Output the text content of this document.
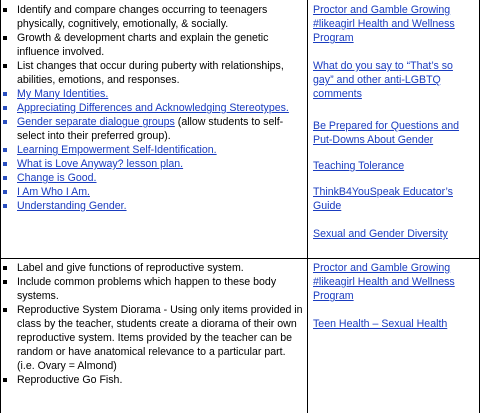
Identify and compare changes occurring to teenagers physically, cognitively, emotionally, & socially.
Growth & development charts and explain the genetic influence involved.
List changes that occur during puberty with relationships, abilities, emotions, and responses.
My Many Identities.
Appreciating Differences and Acknowledging Stereotypes.
Gender separate dialogue groups (allow students to self-select into their preferred group).
Learning Empowerment Self-Identification.
What is Love Anyway? lesson plan.
Change is Good.
I Am Who I Am.
Understanding Gender.

Proctor and Gamble Growing #likeagirl Health and Wellness Program

What do you say to “That’s so gay” and other anti-LGBTQ comments

Be Prepared for Questions and Put-Downs About Gender

Teaching Tolerance

ThinkB4YouSpeak Educator’s Guide

Sexual and Gender Diversity

Label and give functions of reproductive system.
Include common problems which happen to these body systems.
Reproductive System Diorama - Using only items provided in class by the teacher, students create a diorama of their own reproductive system. Items provided by the teacher can be random or have anatomical relevance to a particular part. (i.e. Ovary = Almond)
Reproductive Go Fish.

Proctor and Gamble Growing #likeagirl Health and Wellness Program

Teen Health – Sexual Health
